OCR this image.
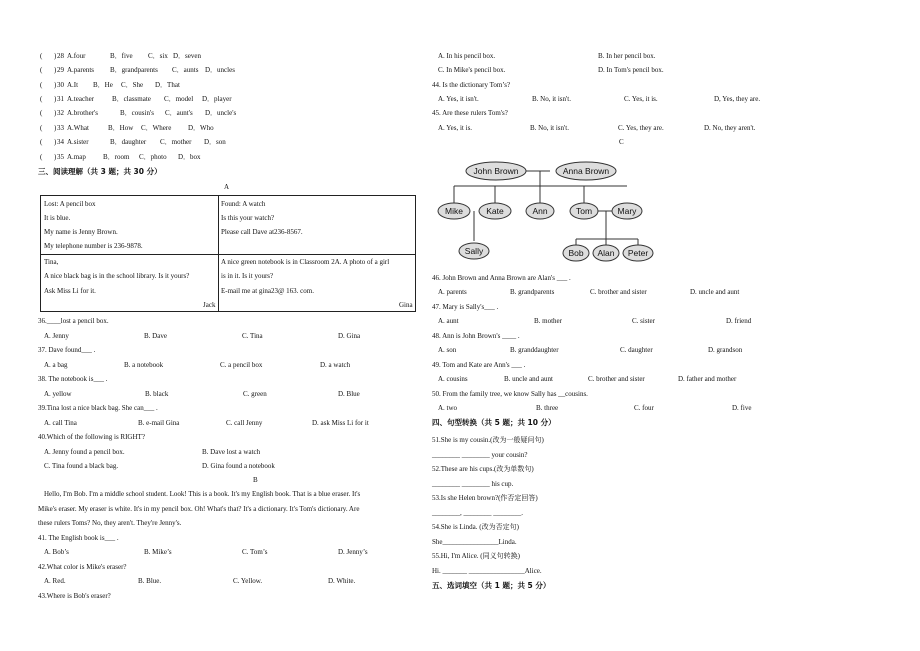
( ) 28 A.four	B．five C．six D．seven
( ) 29 A.parents B．grandparents C．aunts D．uncles
( ) 30 A.It B．He C．She D．That
( ) 31 A.teacher	B．classmate C．model D．player
( ) 32 A.brother's	B．cousin's C．aunt's D．uncle's
( ) 33 A.What	B．How C．Where D．Who
( ) 34 A.sister	B．daughter C．mother D．son
( ) 35 A.map B．room C．photo D．box
三、阅读理解（共 3 题；共 30 分）
A
Lost: A pencil box
It is blue.
My name is Jenny Brown.
My telephone number is 236-9878.
Found: A watch
Is this your watch?
Please call Dave at236-8567.
Tina,
A nice black bag is in the school library. Is it yours?
Ask Miss Li for it.
Jack
A nice green notebook is in Classroom 2A. A photo of a girl
is in it. Is it yours?
E-mail me at gina23@ 163. com.
Gina
36.____lost a pencil box.
A. Jenny	B. Dave	C. Tina	D. Gina
37. Dave found___ .
A. a bag	B. a notebook	C. a pencil box	D. a watch
38. The notebook is___ .
A. yellow	B. black	C. green	D. Blue
39.Tina lost a nice black bag. She can___ .
A. call Tina	B. e-mail Gina	C. call Jenny	D. ask Miss Li for it
40.Which of the following is RIGHT?
A. Jenny found a pencil box.	B. Dave lost a watch
C. Tina found a black bag.	D. Gina found a notebook
B
Hello, I'm Bob. I'm a middle school student. Look! This is a book. It's my English book. That is a blue eraser. It's
Mike's eraser. My eraser is white. It's in my pencil box. Oh! What's that? It's a dictionary. It's Tom's dictionary. Are
these rulers Toms? No, they aren't. They're Jenny's.
41. The English book is___ .
A. Bob’s	B. Mike’s	C. Tom’s	D. Jenny’s
42.What color is Mike's eraser?
A. Red.	B. Blue.	C. Yellow.	D. White.
43.Where is Bob's eraser?
A. In his pencil box.	B. In her pencil box.
C. In Mike's pencil box.	D. In Tom's pencil box.
44. Is the dictionary Tom’s?
A. Yes, it isn't.	B. No, it isn't.	C. Yes, it is.	D, Yes, they are.
45. Are these rulers Tom's?
A. Yes, it is.	B. No, it isn't.	C. Yes, they are.	D. No, they aren't.
C
John Brown	Anna Brown
Mike	Kate	Ann	Tom	Mary
Sally	Bob Alan Peter
46. John Brown and Anna Brown are Alan's ___ .
A. parents	B. grandparents	C. brother and sister	D. uncle and aunt
47. Mary is Sally's___ .
A. aunt	B. mother	C. sister	D. friend
48. Ann is John Brown's ____ .
A. son	B. granddaughter	C. daughter	D. grandson
49. Tom and Kate are Ann's ___ .
A. cousins	B. uncle and aunt	C. brother and sister	D. father and mother
50. From the family tree, we know Sally has __cousins.
A. two	B. three	C. four	D. five
四、句型转换（共 5 题；共 10 分）
51.She is my cousin.(改为一般疑问句)
________ ________ your cousin?
52.These are his cups.(改为单数句)
________ ________ his cup.
53.Is she Helen brown?(作否定回答)
________, ________ ________.
54.She is Linda. (改为否定句)
She________________Linda.
55.Hi, I'm Alice. (同义句转换)
Hi. _______ ________________Alice.
五、选词填空（共 1 题；共 5 分）
